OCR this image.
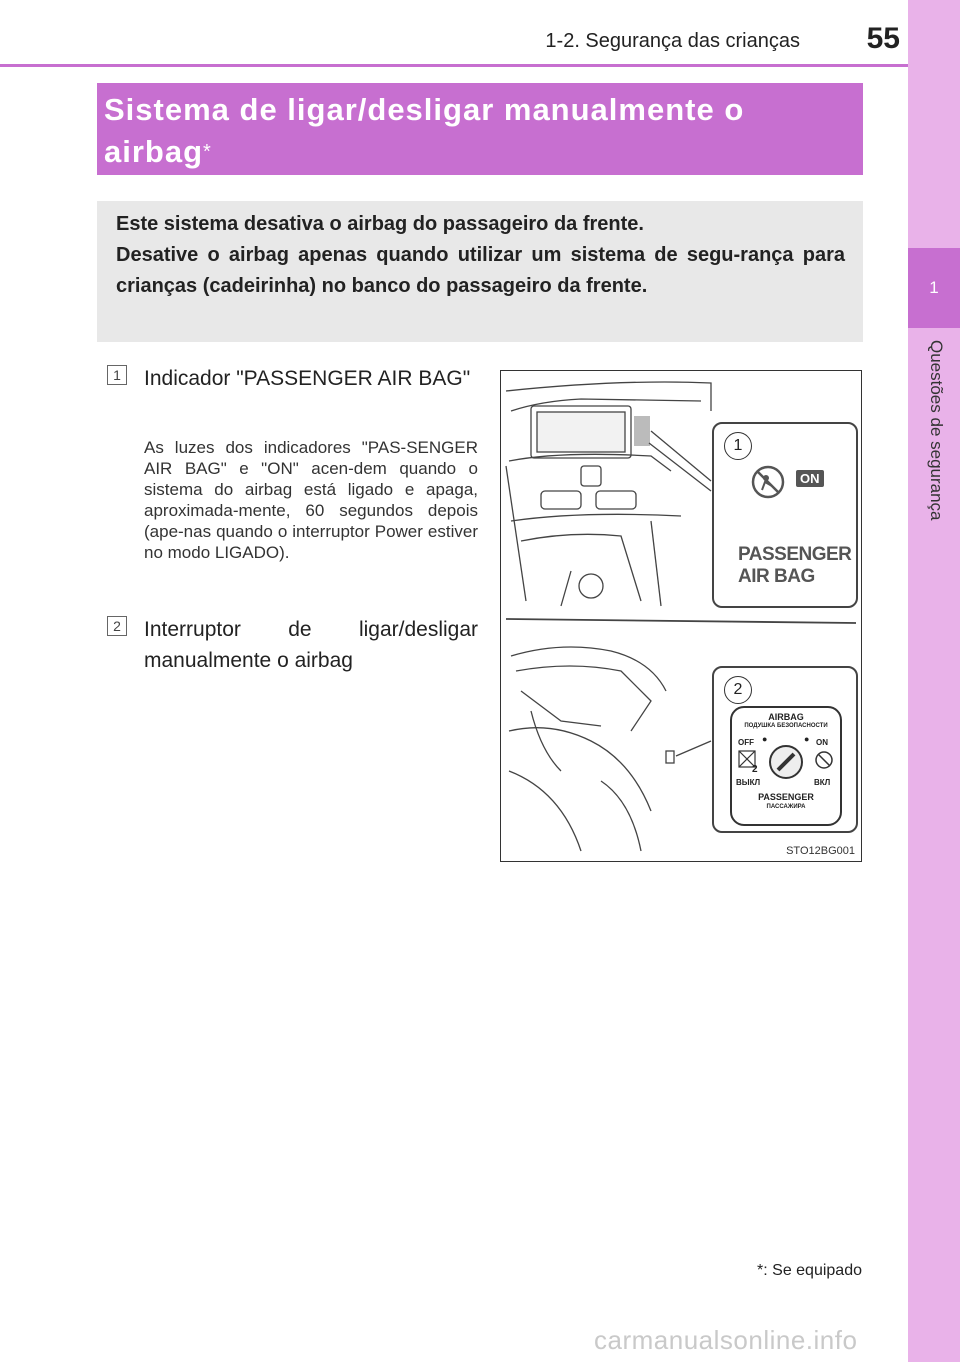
1
Questões de segurança
1-2. Segurança das crianças	55
Sistema de ligar/desligar manualmente o airbag*

Este sistema desativa o airbag do passageiro da frente.

Desative o airbag apenas quando utilizar um sistema de segu-rança para crianças (cadeirinha) no banco do passageiro da frente.

1 Indicador "PASSENGER AIR BAG"
As luzes dos indicadores "PAS-SENGER AIR BAG" e "ON" acen-dem quando o sistema do airbag está ligado e apaga, aproximada-mente, 60 segundos depois (ape-nas quando o interruptor Power estiver no modo LIGADO).
2 Interruptor de ligar/desligar manualmente o airbag
1
ON
PASSENGER
AIR BAG
2
AIRBAG
ПОДУШКА БЕЗОПАСНОСТИ
OFF	ON
●	●
2
ВЫКЛ	ВКЛ
PASSENGER
ПАССАЖИРА
STO12BG001
*: Se equipado
carmanualsonline.info
